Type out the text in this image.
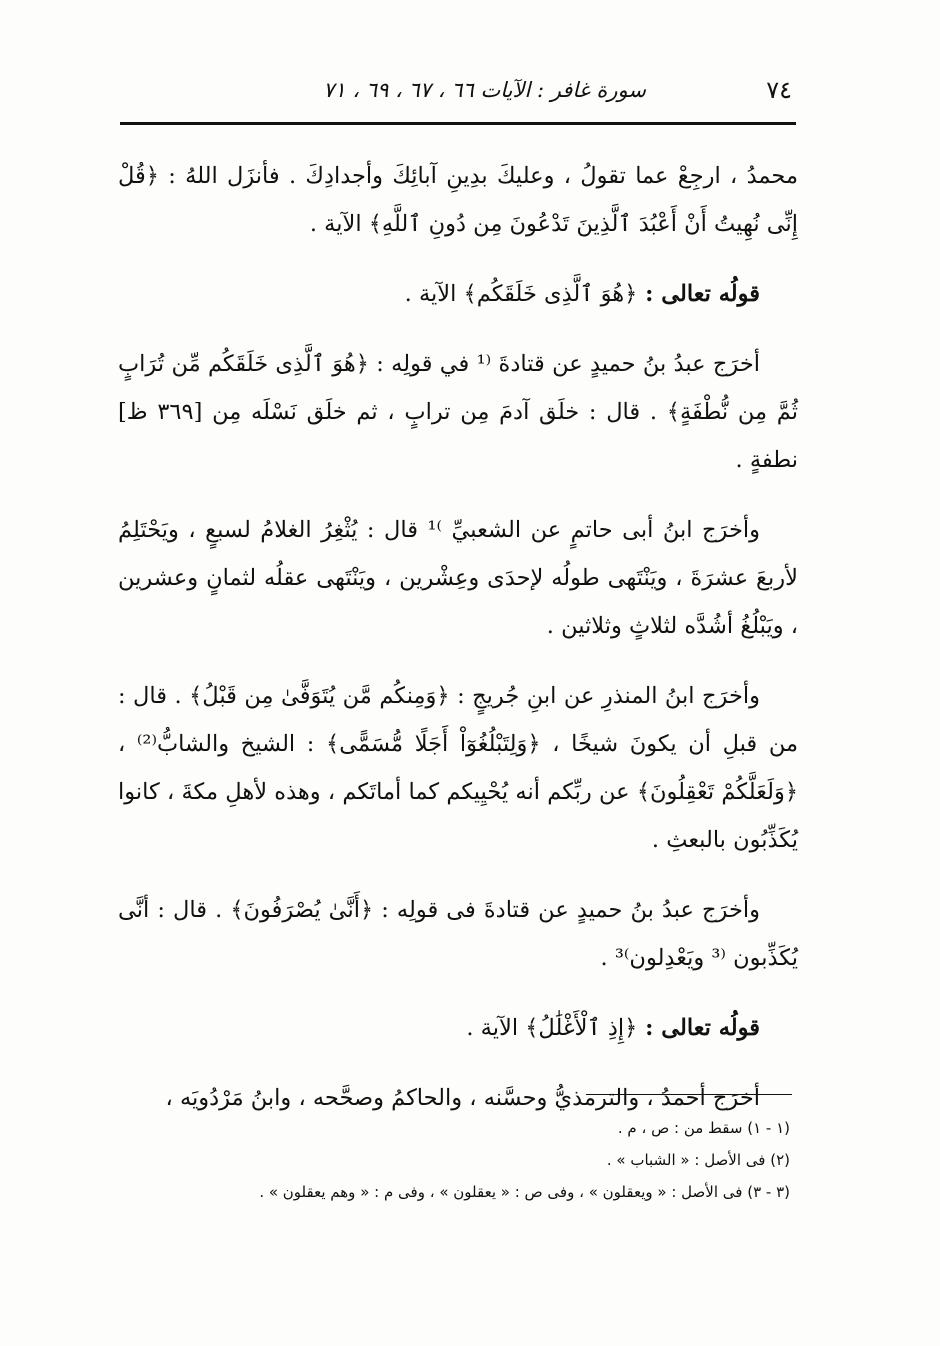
٧٤
سورة غافر : الآيات ٦٦ ، ٦٧ ، ٦٩ ، ٧١

محمدُ ، ارجِعْ عما تقولُ ، وعليكَ بدِينِ آبائِكَ وأجدادِكَ . فأنزَل اللهُ : ﴿قُلْ إِنِّى نُهِيتُ أَنْ أَعْبُدَ ٱلَّذِينَ تَدْعُونَ مِن دُونِ ٱللَّهِ﴾ الآية .

قولُه تعالى : ﴿هُوَ ٱلَّذِى خَلَقَكُم﴾ الآية .

أخرَج عبدُ بنُ حميدٍ عن قتادةَ ⁽¹ في قولِه : ﴿هُوَ ٱلَّذِى خَلَقَكُم مِّن تُرَابٍ ثُمَّ مِن نُّطْفَةٍ﴾ . قال : خلَق آدمَ مِن ترابٍ ، ثم خلَق نَسْلَه مِن [٣٦٩ ظ] نطفةٍ .

وأخرَج ابنُ أبى حاتمٍ عن الشعبيِّ ⁾¹ قال : يُثْغِرُ الغلامُ لسبعٍ ، ويَحْتَلِمُ لأربعَ عشرَةَ ، ويَنْتَهى طولُه لإحدَى وعِشْرين ، ويَنْتَهى عقلُه لثمانٍ وعشرين ، ويَبْلُغُ أشُدَّه لثلاثٍ وثلاثين .

وأخرَج ابنُ المنذرِ عن ابنِ جُريجٍ : ﴿وَمِنكُم مَّن يُتَوَفَّىٰ مِن قَبْلُ﴾ . قال : من قبلِ أن يكونَ شيخًا ، ﴿وَلِتَبْلُغُوٓاْ أَجَلًا مُّسَمًّى﴾ : الشيخ والشابُّ⁽²⁾ ، ﴿وَلَعَلَّكُمْ تَعْقِلُونَ﴾ عن ربِّكم أنه يُحْيِيكم كما أماتَكم ، وهذه لأهلِ مكةَ ، كانوا يُكَذِّبُون بالبعثِ .

وأخرَج عبدُ بنُ حميدٍ عن قتادةَ فى قولِه : ﴿أَنَّىٰ يُصْرَفُونَ﴾ . قال : أنَّى يُكَذِّبون ⁽³ ويَعْدِلون⁾³ .

قولُه تعالى : ﴿إِذِ ٱلْأَغْلَٰلُ﴾ الآية .

أخرَج أحمدُ ، والترمذيُّ وحسَّنه ، والحاكمُ وصحَّحه ، وابنُ مَرْدُويَه ،

(١ - ١) سقط من : ص ، م .
(٢) فى الأصل : « الشباب » .
(٣ - ٣) فى الأصل : « ويعقلون » ، وفى ص : « يعقلون » ، وفى م : « وهم يعقلون » .
